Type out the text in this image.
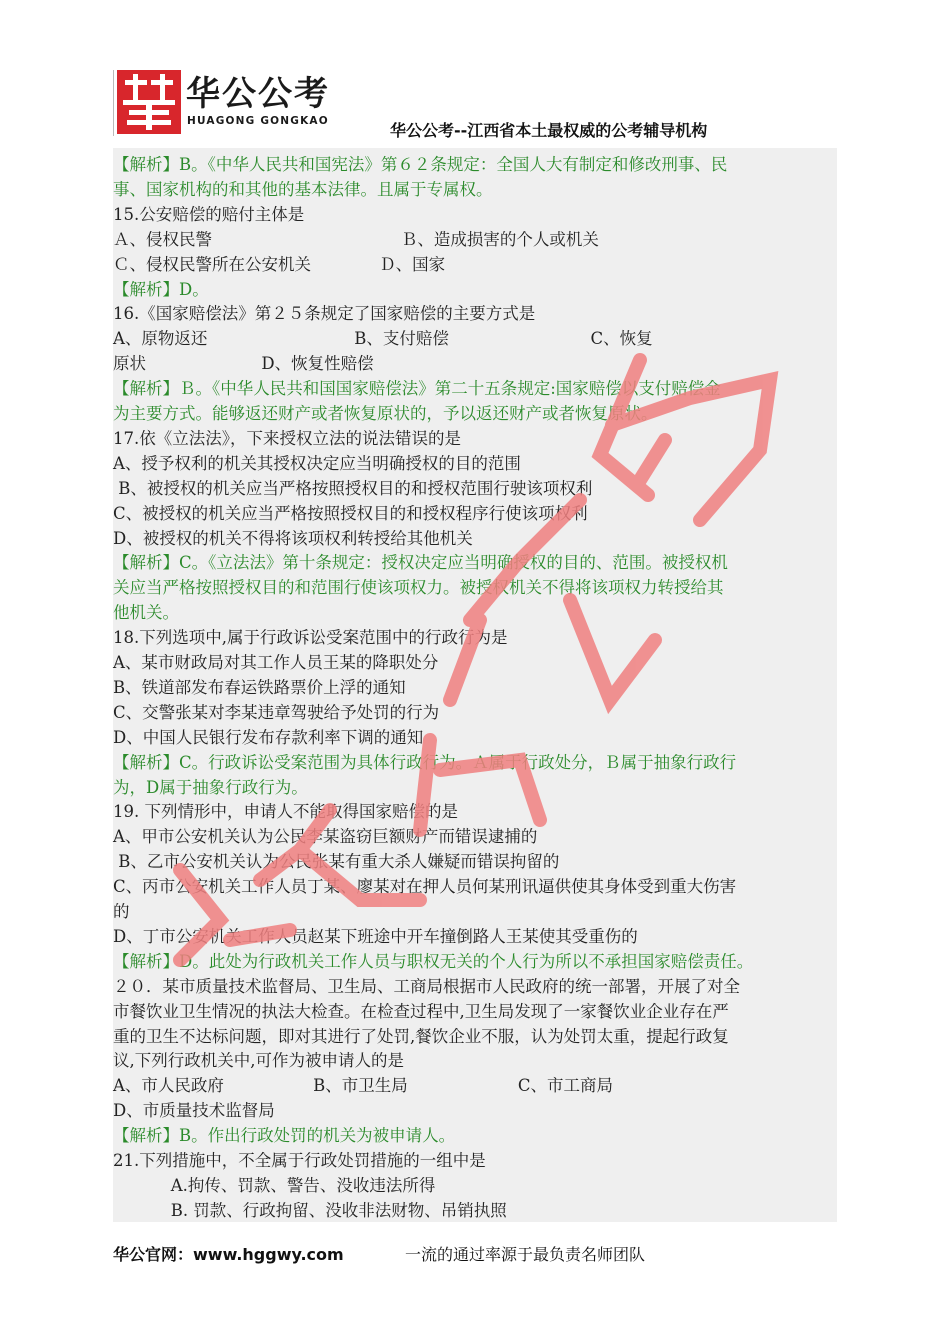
华公公考
HUAGONG GONGKAO	华公公考--江西省本土最权威的公考辅导机构
【解析】B。《中华人民共和国宪法》第６２条规定：全国人大有制定和修改刑事、民
事、国家机构的和其他的基本法律。且属于专属权。
15.公安赔偿的赔付主体是
Ａ、侵权民警                                    Ｂ、造成损害的个人或机关
Ｃ、侵权民警所在公安机关             Ｄ、国家
【解析】D。
16.《国家赔偿法》第２５条规定了国家赔偿的主要方式是
A、原物返还                            B、支付赔偿                           C、恢复
原状                      D、恢复性赔偿
【解析】Ｂ。《中华人民共和国国家赔偿法》第二十五条规定:国家赔偿以支付赔偿金
为主要方式。能够返还财产或者恢复原状的，予以返还财产或者恢复原状。
17.依《立法法》，下来授权立法的说法错误的是
A、授予权利的机关其授权决定应当明确授权的目的范围
B、被授权的机关应当严格按照授权目的和授权范围行驶该项权利
C、被授权的机关应当严格按照授权目的和授权程序行使该项权利
D、被授权的机关不得将该项权利转授给其他机关
【解析】C。《立法法》第十条规定：授权决定应当明确授权的目的、范围。被授权机
关应当严格按照授权目的和范围行使该项权力。被授权机关不得将该项权力转授给其
他机关。
18.下列选项中,属于行政诉讼受案范围中的行政行为是
A、某市财政局对其工作人员王某的降职处分
B、铁道部发布春运铁路票价上浮的通知
C、交警张某对李某违章驾驶给予处罚的行为
D、中国人民银行发布存款利率下调的通知
【解析】C。行政诉讼受案范围为具体行政行为。Ａ属于行政处分，Ｂ属于抽象行政行
为，D属于抽象行政行为。
19. 下列情形中，申请人不能取得国家赔偿的是
A、甲市公安机关认为公民李某盗窃巨额财产而错误逮捕的
B、乙市公安机关认为公民张某有重大杀人嫌疑而错误拘留的
C、丙市公安机关工作人员丁某、廖某对在押人员何某刑讯逼供使其身体受到重大伤害
的
D、丁市公安机关工作人员赵某下班途中开车撞倒路人王某使其受重伤的
【解析】D。此处为行政机关工作人员与职权无关的个人行为所以不承担国家赔偿责任。
２０．某市质量技术监督局、卫生局、工商局根据市人民政府的统一部署，开展了对全
市餐饮业卫生情况的执法大检查。在检查过程中,卫生局发现了一家餐饮业企业存在严
重的卫生不达标问题，即对其进行了处罚,餐饮企业不服，认为处罚太重，提起行政复
议,下列行政机关中,可作为被申请人的是
A、市人民政府                 B、市卫生局                     C、市工商局
D、市质量技术监督局
【解析】B。作出行政处罚的机关为被申请人。
21.下列措施中，不全属于行政处罚措施的一组中是
A.拘传、罚款、警告、没收违法所得
B. 罚款、行政拘留、没收非法财物、吊销执照
华公官网：www.hggwy.com	一流的通过率源于最负责名师团队
